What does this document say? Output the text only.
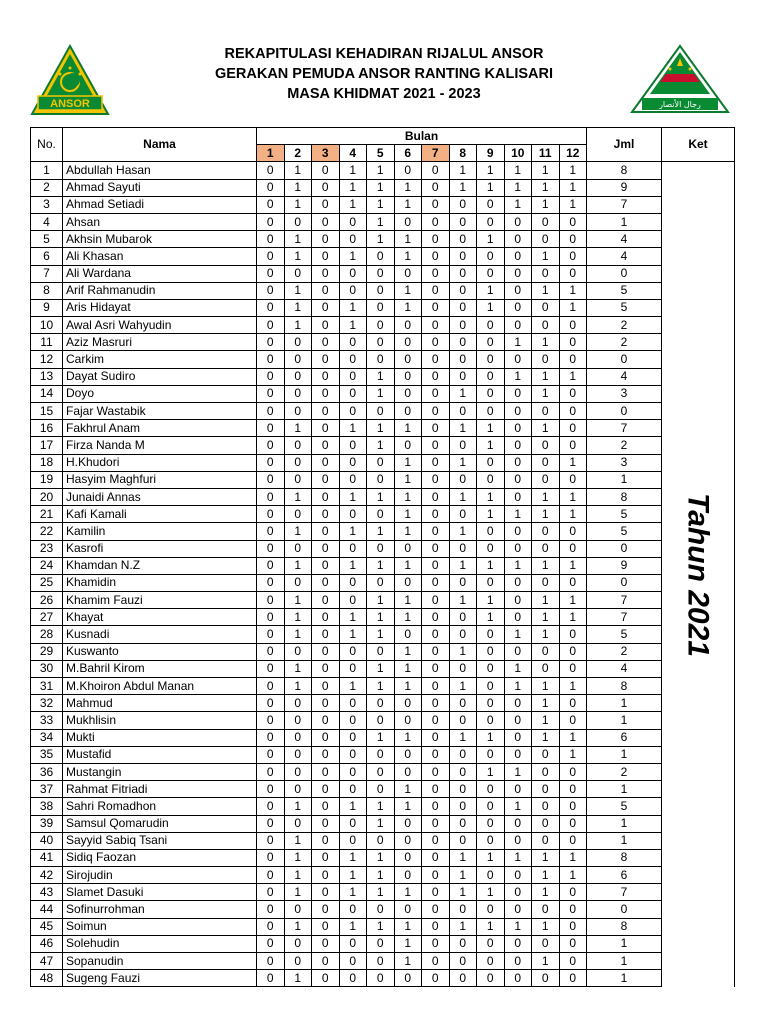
ANSOR
REKAPITULASI KEHADIRAN RIJALUL ANSOR
GERAKAN PEMUDA ANSOR RANTING KALISARI
MASA KHIDMAT 2021 - 2023
رجال الأنصار
No.	Nama	Bulan												Jml	Ket
		1	2	3	4	5	6	7	8	9	10	11	12		
1	Abdullah Hasan	0	1	0	1	1	0	0	1	1	1	1	1	8	Tahun 2021

2	Ahmad Sayuti	0	1	0	1	1	1	0	1	1	1	1	1	9	
3	Ahmad Setiadi	0	1	0	1	1	1	0	0	0	1	1	1	7	
4	Ahsan	0	0	0	0	1	0	0	0	0	0	0	0	1	
5	Akhsin Mubarok	0	1	0	0	1	1	0	0	1	0	0	0	4	
6	Ali Khasan	0	1	0	1	0	1	0	0	0	0	1	0	4	
7	Ali Wardana	0	0	0	0	0	0	0	0	0	0	0	0	0	
8	Arif Rahmanudin	0	1	0	0	0	1	0	0	1	0	1	1	5	
9	Aris Hidayat	0	1	0	1	0	1	0	0	1	0	0	1	5	
10	Awal Asri Wahyudin	0	1	0	1	0	0	0	0	0	0	0	0	2	
11	Aziz Masruri	0	0	0	0	0	0	0	0	0	1	1	0	2	
12	Carkim	0	0	0	0	0	0	0	0	0	0	0	0	0	
13	Dayat Sudiro	0	0	0	0	1	0	0	0	0	1	1	1	4	
14	Doyo	0	0	0	0	1	0	0	1	0	0	1	0	3	
15	Fajar Wastabik	0	0	0	0	0	0	0	0	0	0	0	0	0	
16	Fakhrul Anam	0	1	0	1	1	1	0	1	1	0	1	0	7	
17	Firza Nanda M	0	0	0	0	1	0	0	0	1	0	0	0	2	
18	H.Khudori	0	0	0	0	0	1	0	1	0	0	0	1	3	
19	Hasyim Maghfuri	0	0	0	0	0	1	0	0	0	0	0	0	1	
20	Junaidi Annas	0	1	0	1	1	1	0	1	1	0	1	1	8	
21	Kafi Kamali	0	0	0	0	0	1	0	0	1	1	1	1	5	
22	Kamilin	0	1	0	1	1	1	0	1	0	0	0	0	5	
23	Kasrofi	0	0	0	0	0	0	0	0	0	0	0	0	0	
24	Khamdan N.Z	0	1	0	1	1	1	0	1	1	1	1	1	9	
25	Khamidin	0	0	0	0	0	0	0	0	0	0	0	0	0	
26	Khamim Fauzi	0	1	0	0	1	1	0	1	1	0	1	1	7	
27	Khayat	0	1	0	1	1	1	0	0	1	0	1	1	7	
28	Kusnadi	0	1	0	1	1	0	0	0	0	1	1	0	5	
29	Kuswanto	0	0	0	0	0	1	0	1	0	0	0	0	2	
30	M.Bahril Kirom	0	1	0	0	1	1	0	0	0	1	0	0	4	
31	M.Khoiron Abdul Manan	0	1	0	1	1	1	0	1	0	1	1	1	8	
32	Mahmud	0	0	0	0	0	0	0	0	0	0	1	0	1	
33	Mukhlisin	0	0	0	0	0	0	0	0	0	0	1	0	1	
34	Mukti	0	0	0	0	1	1	0	1	1	0	1	1	6	
35	Mustafid	0	0	0	0	0	0	0	0	0	0	0	1	1	
36	Mustangin	0	0	0	0	0	0	0	0	1	1	0	0	2	
37	Rahmat Fitriadi	0	0	0	0	0	1	0	0	0	0	0	0	1	
38	Sahri Romadhon	0	1	0	1	1	1	0	0	0	1	0	0	5	
39	Samsul Qomarudin	0	0	0	0	1	0	0	0	0	0	0	0	1	
40	Sayyid Sabiq Tsani	0	1	0	0	0	0	0	0	0	0	0	0	1	
41	Sidiq Faozan	0	1	0	1	1	0	0	1	1	1	1	1	8	
42	Sirojudin	0	1	0	1	1	0	0	1	0	0	1	1	6	
43	Slamet Dasuki	0	1	0	1	1	1	0	1	1	0	1	0	7	
44	Sofinurrohman	0	0	0	0	0	0	0	0	0	0	0	0	0	
45	Soimun	0	1	0	1	1	1	0	1	1	1	1	0	8	
46	Solehudin	0	0	0	0	0	1	0	0	0	0	0	0	1	
47	Sopanudin	0	0	0	0	0	1	0	0	0	0	1	0	1	
48	Sugeng Fauzi	0	1	0	0	0	0	0	0	0	0	0	0	1	
